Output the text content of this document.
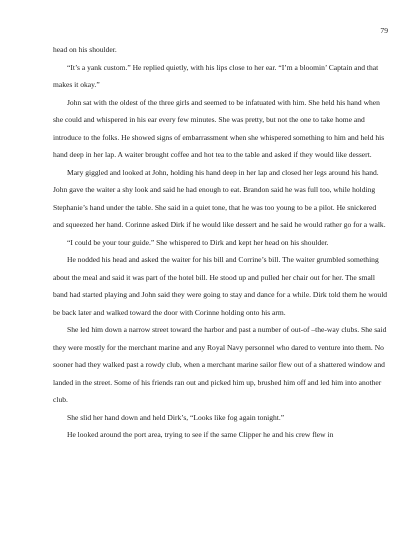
79

head on his shoulder.

“It’s a yank custom.” He replied quietly, with his lips close to her ear. “I’m a bloomin’ Captain and that makes it okay.”

John sat with the oldest of the three girls and seemed to be infatuated with him. She held his hand when she could and whispered in his ear every few minutes. She was pretty, but not the one to take home and introduce to the folks. He showed signs of embarrassment when she whispered something to him and held his hand deep in her lap. A waiter brought coffee and hot tea to the table and asked if they would like dessert.

Mary giggled and looked at John, holding his hand deep in her lap and closed her legs around his hand. John gave the waiter a shy look and said he had enough to eat. Brandon said he was full too, while holding Stephanie’s hand under the table. She said in a quiet tone, that he was too young to be a pilot. He snickered and squeezed her hand. Corinne asked Dirk if he would like dessert and he said he would rather go for a walk.

“I could be your tour guide.” She whispered to Dirk and kept her head on his shoulder.

He nodded his head and asked the waiter for his bill and Corrine’s bill. The waiter grumbled something about the meal and said it was part of the hotel bill. He stood up and pulled her chair out for her. The small band had started playing and John said they were going to stay and dance for a while. Dirk told them he would be back later and walked toward the door with Corinne holding onto his arm.

She led him down a narrow street toward the harbor and past a number of out-of –the-way clubs. She said they were mostly for the merchant marine and any Royal Navy personnel who dared to venture into them. No sooner had they walked past a rowdy club, when a merchant marine sailor flew out of a shattered window and landed in the street. Some of his friends ran out and picked him up, brushed him off and led him into another club.

She slid her hand down and held Dirk’s, “Looks like fog again tonight.”

He looked around the port area, trying to see if the same Clipper he and his crew flew in
